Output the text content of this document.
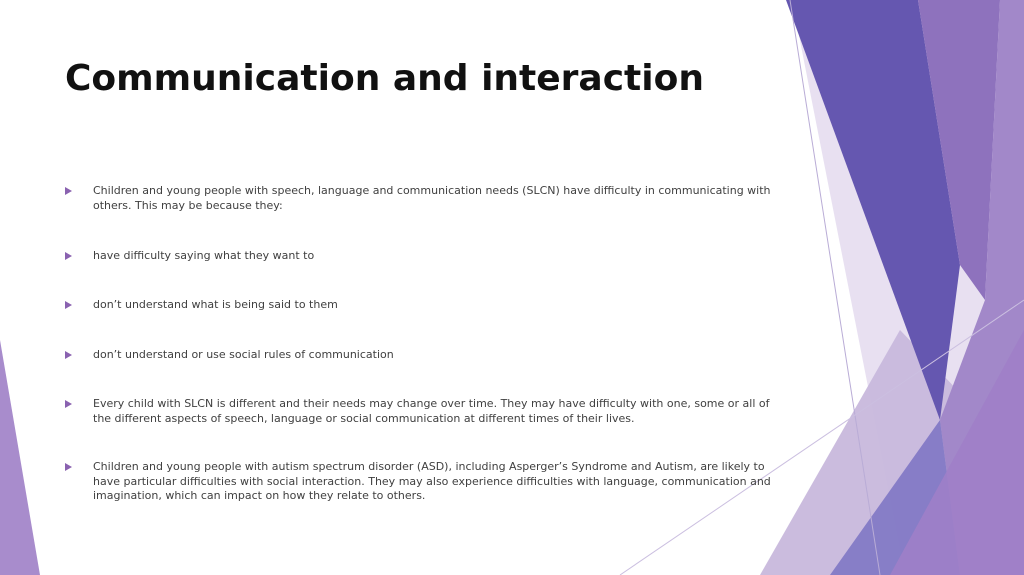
Communication and interaction
Children and young people with speech, language and communication needs (SLCN) have difficulty in communicating with others. This may be because they:
have difficulty saying what they want to
don’t understand what is being said to them
don’t understand or use social rules of communication
Every child with SLCN is different and their needs may change over time. They may have difficulty with one, some or all of the different aspects of speech, language or social communication at different times of their lives.
Children and young people with autism spectrum disorder (ASD), including Asperger’s Syndrome and Autism, are likely to have particular difficulties with social interaction. They may also experience difficulties with language, communication and imagination, which can impact on how they relate to others.
